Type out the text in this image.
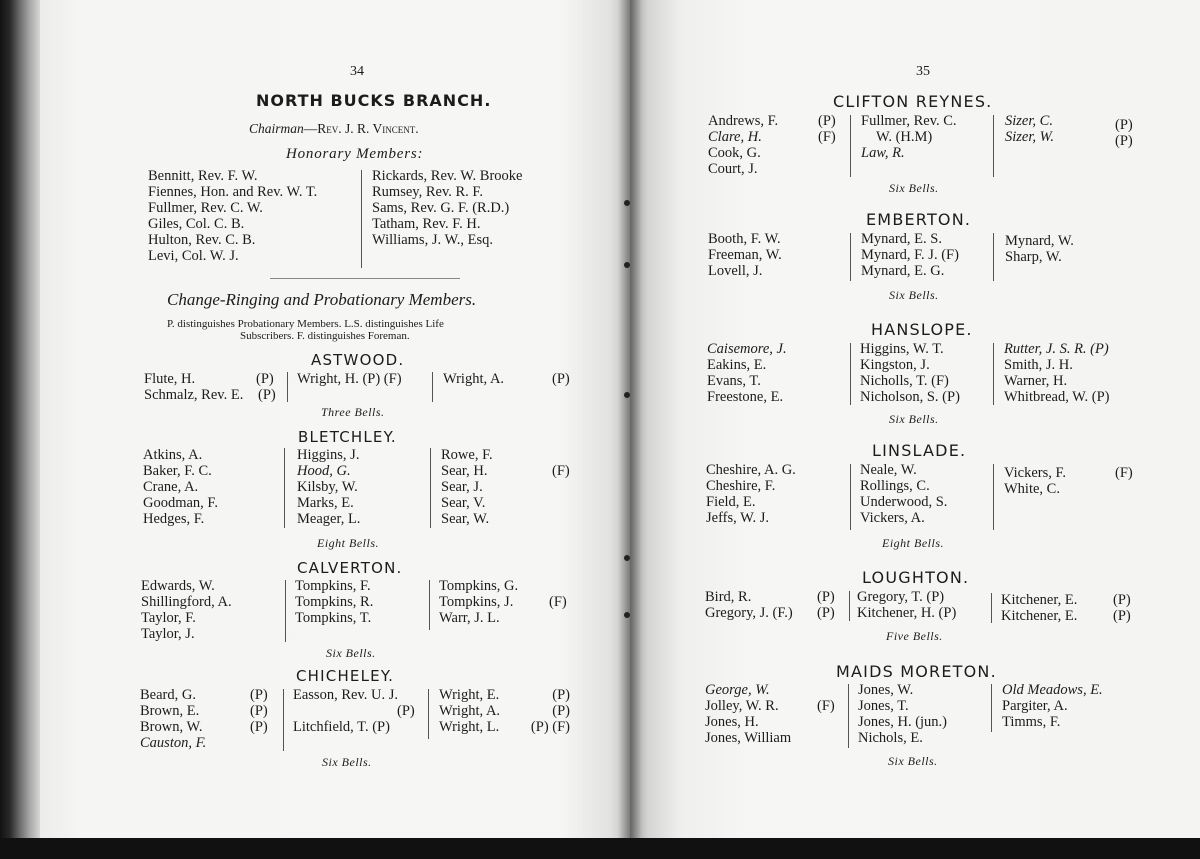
34
NORTH BUCKS BRANCH.
Chairman—Rev. J. R. Vincent.
Honorary Members:
Bennitt, Rev. F. W.
Fiennes, Hon. and Rev. W. T.
Fullmer, Rev. C. W.
Giles, Col. C. B.
Hulton, Rev. C. B.
Levi, Col. W. J.
Rickards, Rev. W. Brooke
Rumsey, Rev. R. F.
Sams, Rev. G. F. (R.D.)
Tatham, Rev. F. H.
Williams, J. W., Esq.
Change-Ringing and Probationary Members.
P. distinguishes Probationary Members. L.S. distinguishes Life
Subscribers. F. distinguishes Foreman.
ASTWOOD.
Flute, H.
Schmalz, Rev. E.
(P)
(P)
Wright, H. (P) (F)	Wright, A.	(P)
Three Bells.
BLETCHLEY.
Atkins, A.
Baker, F. C.
Crane, A.
Goodman, F.
Hedges, F.
Higgins, J.
Hood, G.
Kilsby, W.
Marks, E.
Meager, L.
Rowe, F.
Sear, H.
Sear, J.
Sear, V.
Sear, W.
(F)
Eight Bells.
CALVERTON.
Edwards, W.
Shillingford, A.
Taylor, F.
Taylor, J.
Tompkins, F.
Tompkins, R.
Tompkins, T.
Tompkins, G.
Tompkins, J.
Warr, J. L.
(F)
Six Bells.
CHICHELEY.
Beard, G.
Brown, E.
Brown, W.
Causton, F.
(P)
(P)
(P)
Easson, Rev. U. J.
(P)
Litchfield, T. (P)
Wright, E.
Wright, A.
Wright, L.
(P)
(P)
(P) (F)
Six Bells.
35
CLIFTON REYNES.
Andrews, F.
Clare, H.
Cook, G.
Court, J.
(P)
(F)
Fullmer, Rev. C.
W. (H.M)
Law, R.
Sizer, C.
Sizer, W.
(P)
(P)
Six Bells.
EMBERTON.
Booth, F. W.
Freeman, W.
Lovell, J.
Mynard, E. S.
Mynard, F. J. (F)
Mynard, E. G.
Mynard, W.
Sharp, W.
Six Bells.
HANSLOPE.
Caisemore, J.
Eakins, E.
Evans, T.
Freestone, E.
Higgins, W. T.
Kingston, J.
Nicholls, T. (F)
Nicholson, S. (P)
Rutter, J. S. R. (P)
Smith, J. H.
Warner, H.
Whitbread, W. (P)
Six Bells.
LINSLADE.
Cheshire, A. G.
Cheshire, F.
Field, E.
Jeffs, W. J.
Neale, W.
Rollings, C.
Underwood, S.
Vickers, A.
Vickers, F.
White, C.
(F)
Eight Bells.
LOUGHTON.
Bird, R.
Gregory, J. (F.)
(P)
(P)
Gregory, T. (P)
Kitchener, H. (P)
Kitchener, E.
Kitchener, E.
(P)
(P)
Five Bells.
MAIDS MORETON.
George, W.
Jolley, W. R.
Jones, H.
Jones, William
(F)
Jones, W.
Jones, T.
Jones, H. (jun.)
Nichols, E.
Old Meadows, E.
Pargiter, A.
Timms, F.
Six Bells.
